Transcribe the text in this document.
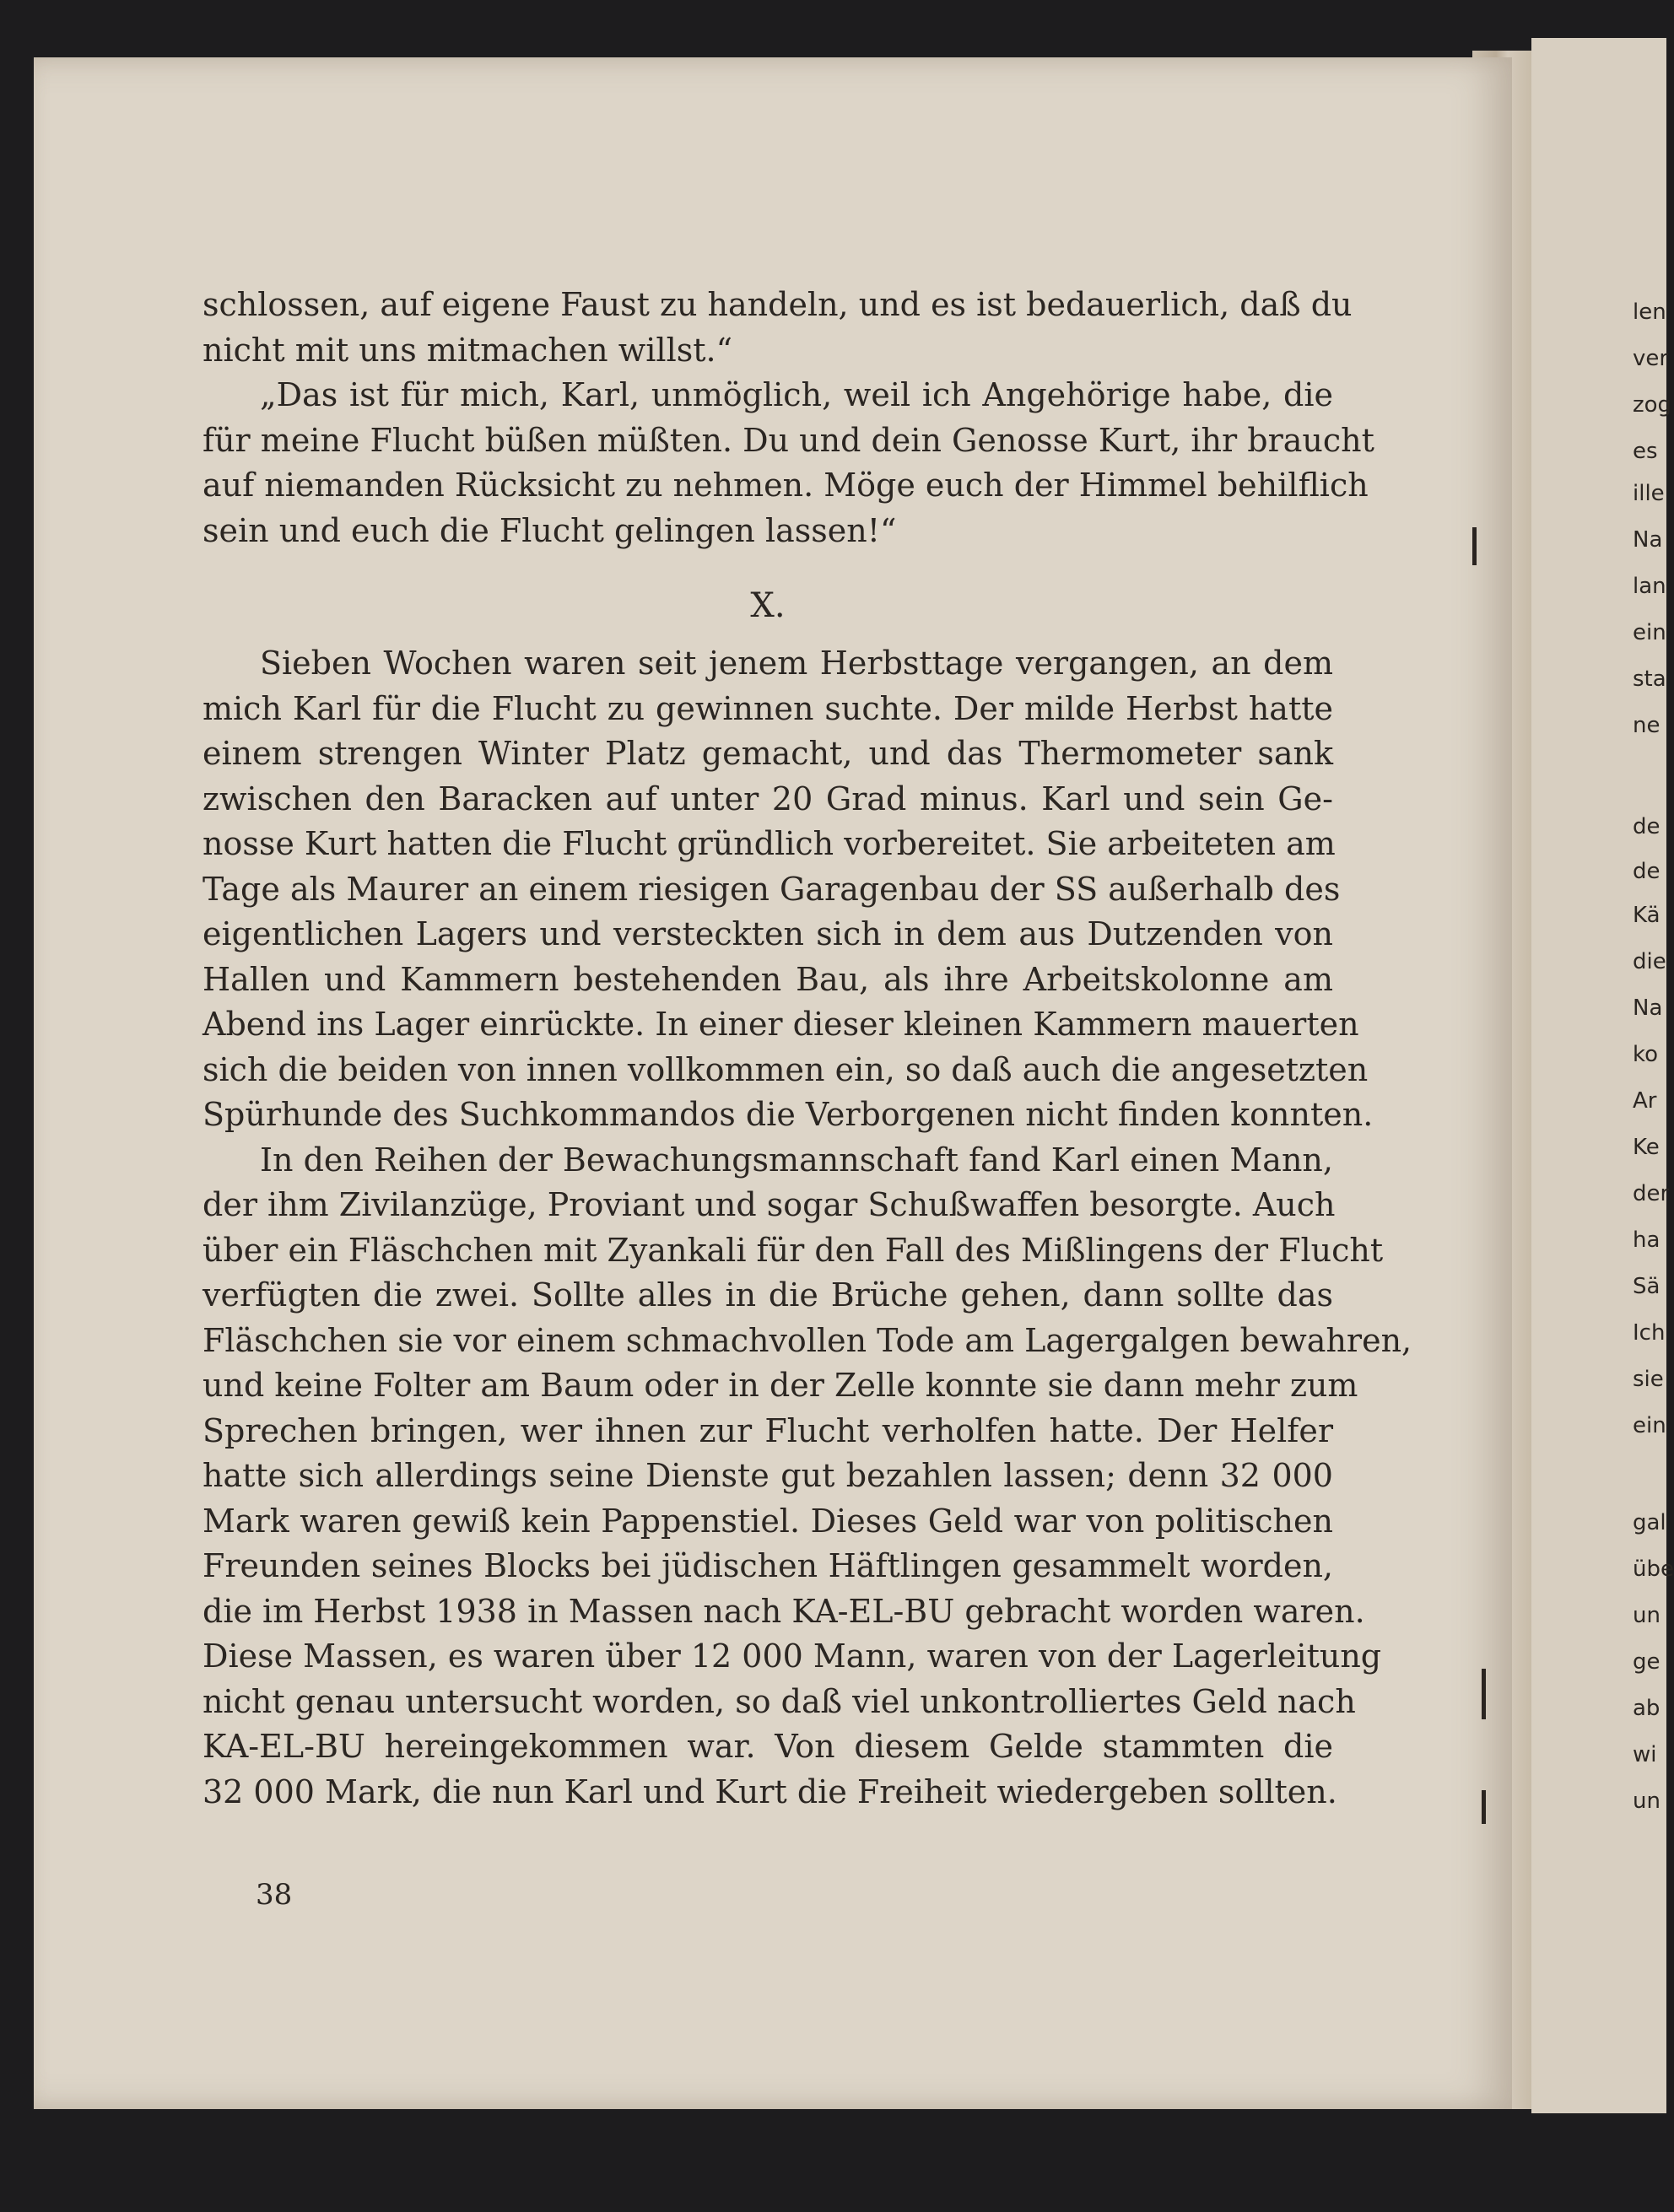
schlossen, auf eigene Faust zu handeln, und es ist bedauerlich, daß du
nicht mit uns mitmachen willst.“
„Das ist für mich, Karl, unmöglich, weil ich Angehörige habe, die
für meine Flucht büßen müßten. Du und dein Genosse Kurt, ihr braucht
auf niemanden Rücksicht zu nehmen. Möge euch der Himmel behilflich
sein und euch die Flucht gelingen lassen!“
X.
Sieben Wochen waren seit jenem Herbsttage vergangen, an dem
mich Karl für die Flucht zu gewinnen suchte. Der milde Herbst hatte
einem strengen Winter Platz gemacht, und das Thermometer sank
zwischen den Baracken auf unter 20 Grad minus. Karl und sein Ge-
nosse Kurt hatten die Flucht gründlich vorbereitet. Sie arbeiteten am
Tage als Maurer an einem riesigen Garagenbau der SS außerhalb des
eigentlichen Lagers und versteckten sich in dem aus Dutzenden von
Hallen und Kammern bestehenden Bau, als ihre Arbeitskolonne am
Abend ins Lager einrückte. In einer dieser kleinen Kammern mauerten
sich die beiden von innen vollkommen ein, so daß auch die angesetzten
Spürhunde des Suchkommandos die Verborgenen nicht finden konnten.
In den Reihen der Bewachungsmannschaft fand Karl einen Mann,
der ihm Zivilanzüge, Proviant und sogar Schußwaffen besorgte. Auch
über ein Fläschchen mit Zyankali für den Fall des Mißlingens der Flucht
verfügten die zwei. Sollte alles in die Brüche gehen, dann sollte das
Fläschchen sie vor einem schmachvollen Tode am Lagergalgen bewahren,
und keine Folter am Baum oder in der Zelle konnte sie dann mehr zum
Sprechen bringen, wer ihnen zur Flucht verholfen hatte. Der Helfer
hatte sich allerdings seine Dienste gut bezahlen lassen; denn 32 000
Mark waren gewiß kein Pappenstiel. Dieses Geld war von politischen
Freunden seines Blocks bei jüdischen Häftlingen gesammelt worden,
die im Herbst 1938 in Massen nach KA-EL-BU gebracht worden waren.
Diese Massen, es waren über 12 000 Mann, waren von der Lagerleitung
nicht genau untersucht worden, so daß viel unkontrolliertes Geld nach
KA-EL-BU hereingekommen war. Von diesem Gelde stammten die
32 000 Mark, die nun Karl und Kurt die Freiheit wiedergeben sollten.
38
len
ver
zog
es
ille
Na
lan
ein
sta
ne
de
de
Kä
die
Na
ko
Ar
Ke
der
ha
Sä
Ich
sie
ein
gal
übe
un
ge
ab
wi
un
